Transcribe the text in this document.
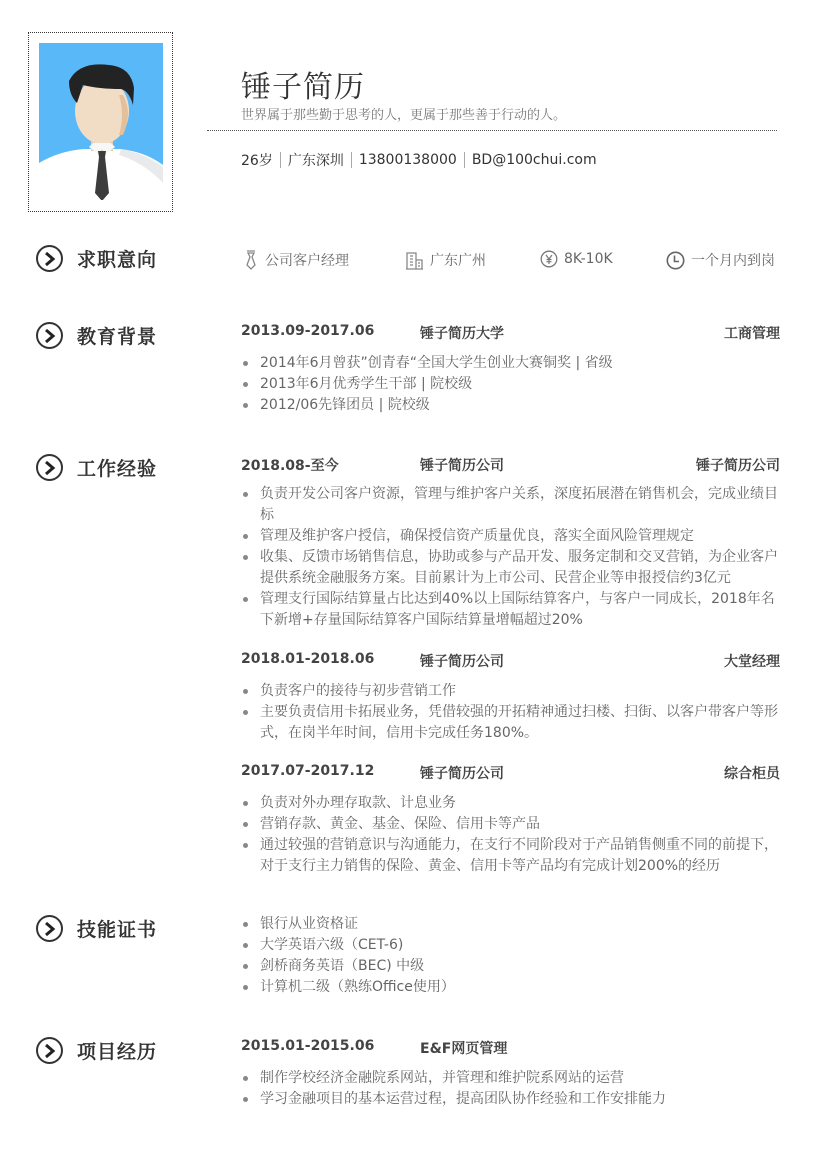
锤子简历
世界属于那些勤于思考的人，更属于那些善于行动的人。
26岁 广东深圳 13800138000 BD@100chui.com
求职意向	公司客户经理	广东广州	8K-10K	一个月内到岗
教育背景	2013.09-2017.06	锤子简历大学	工商管理
2014年6月曾获”创青春“全国大学生创业大赛铜奖 | 省级
2013年6月优秀学生干部 | 院校级
2012/06先锋团员 | 院校级
工作经验	2018.08-至今	锤子简历公司	锤子简历公司
负责开发公司客户资源，管理与维护客户关系，深度拓展潜在销售机会，完成业绩目标
管理及维护客户授信，确保授信资产质量优良，落实全面风险管理规定
收集、反馈市场销售信息，协助或参与产品开发、服务定制和交叉营销，为企业客户提供系统金融服务方案。目前累计为上市公司、民营企业等申报授信约3亿元
管理支行国际结算量占比达到40%以上国际结算客户，与客户一同成长，2018年名下新增+存量国际结算客户国际结算量增幅超过20%
2018.01-2018.06	锤子简历公司	大堂经理
负责客户的接待与初步营销工作
主要负责信用卡拓展业务，凭借较强的开拓精神通过扫楼、扫街、以客户带客户等形式，在岗半年时间，信用卡完成任务180%。
2017.07-2017.12	锤子简历公司	综合柜员
负责对外办理存取款、计息业务
营销存款、黄金、基金、保险、信用卡等产品
通过较强的营销意识与沟通能力，在支行不同阶段对于产品销售侧重不同的前提下，对于支行主力销售的保险、黄金、信用卡等产品均有完成计划200%的经历
技能证书	银行从业资格证
大学英语六级（CET-6)
剑桥商务英语（BEC) 中级
计算机二级（熟练Office使用）
项目经历	2015.01-2015.06	E&F网页管理
制作学校经济金融院系网站，并管理和维护院系网站的运营
学习金融项目的基本运营过程，提高团队协作经验和工作安排能力
